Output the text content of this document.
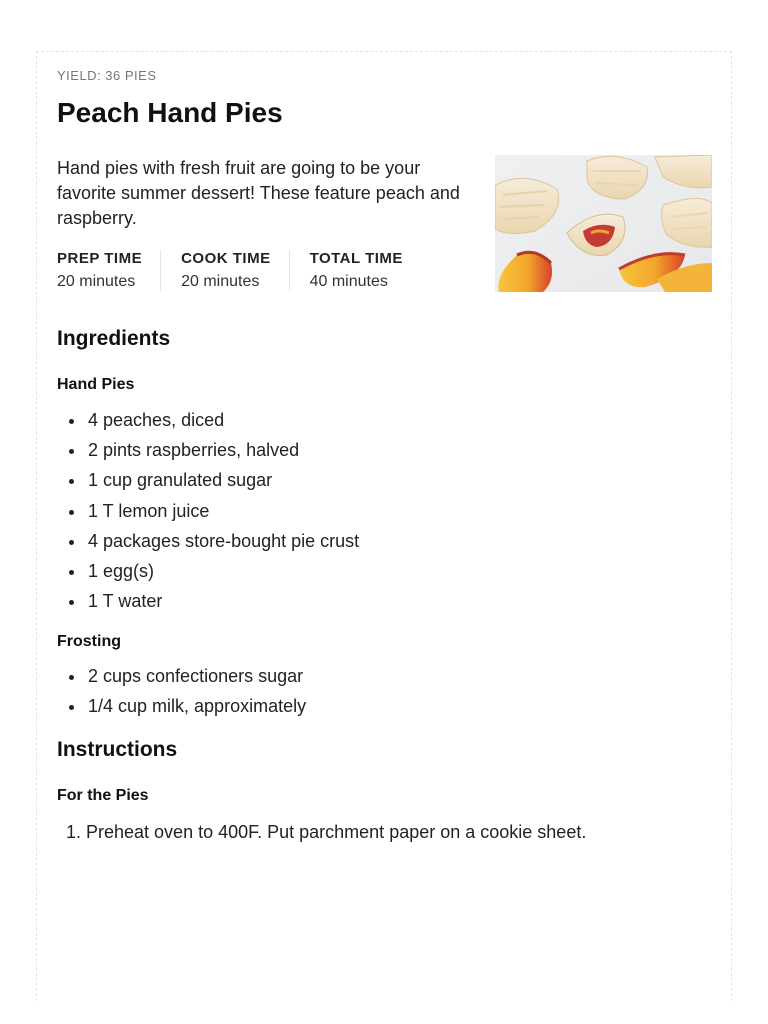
YIELD: 36 PIES
Peach Hand Pies

Hand pies with fresh fruit are going to be your favorite summer dessert! These feature peach and raspberry.

PREP TIME
20 minutes
COOK TIME
20 minutes
TOTAL TIME
40 minutes
Ingredients
Hand Pies
• 4 peaches, diced
• 2 pints raspberries, halved
• 1 cup granulated sugar
• 1 T lemon juice
• 4 packages store-bought pie crust
• 1 egg(s)
• 1 T water
Frosting
• 2 cups confectioners sugar
• 1/4 cup milk, approximately
Instructions
For the Pies
1. Preheat oven to 400F. Put parchment paper on a cookie sheet.
